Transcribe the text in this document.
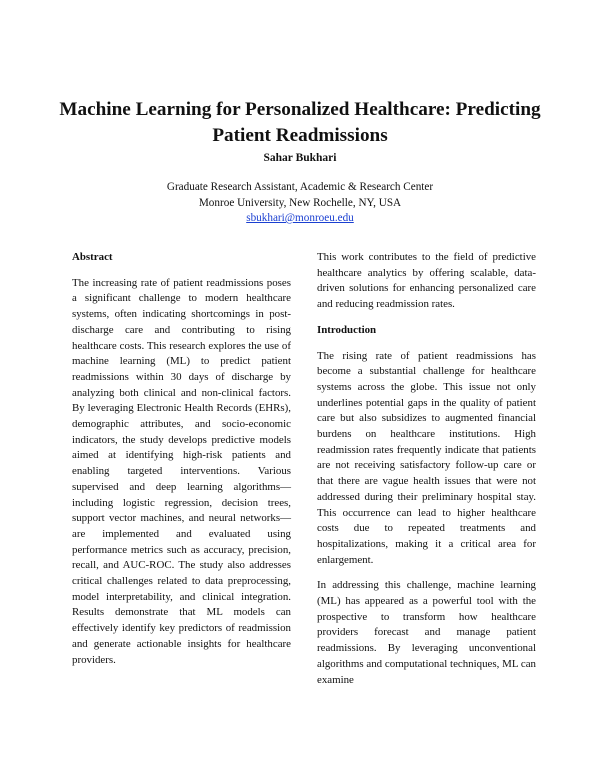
Machine Learning for Personalized Healthcare: Predicting Patient Readmissions
Sahar Bukhari
Graduate Research Assistant, Academic & Research Center
Monroe University, New Rochelle, NY, USA
sbukhari@monroeu.edu
Abstract

The increasing rate of patient readmissions poses a significant challenge to modern healthcare systems, often indicating shortcomings in post-discharge care and contributing to rising healthcare costs. This research explores the use of machine learning (ML) to predict patient readmissions within 30 days of discharge by analyzing both clinical and non-clinical factors. By leveraging Electronic Health Records (EHRs), demographic attributes, and socio-economic indicators, the study develops predictive models aimed at identifying high-risk patients and enabling targeted interventions. Various supervised and deep learning algorithms—including logistic regression, decision trees, support vector machines, and neural networks—are implemented and evaluated using performance metrics such as accuracy, precision, recall, and AUC-ROC. The study also addresses critical challenges related to data preprocessing, model interpretability, and clinical integration. Results demonstrate that ML models can effectively identify key predictors of readmission and generate actionable insights for healthcare providers.

This work contributes to the field of predictive healthcare analytics by offering scalable, data-driven solutions for enhancing personalized care and reducing readmission rates.

Introduction

The rising rate of patient readmissions has become a substantial challenge for healthcare systems across the globe. This issue not only underlines potential gaps in the quality of patient care but also subsidizes to augmented financial burdens on healthcare institutions. High readmission rates frequently indicate that patients are not receiving satisfactory follow-up care or that there are vague health issues that were not addressed during their preliminary hospital stay. This occurrence can lead to higher healthcare costs due to repeated treatments and hospitalizations, making it a critical area for enlargement.

In addressing this challenge, machine learning (ML) has appeared as a powerful tool with the prospective to transform how healthcare providers forecast and manage patient readmissions. By leveraging unconventional algorithms and computational techniques, ML can examine
